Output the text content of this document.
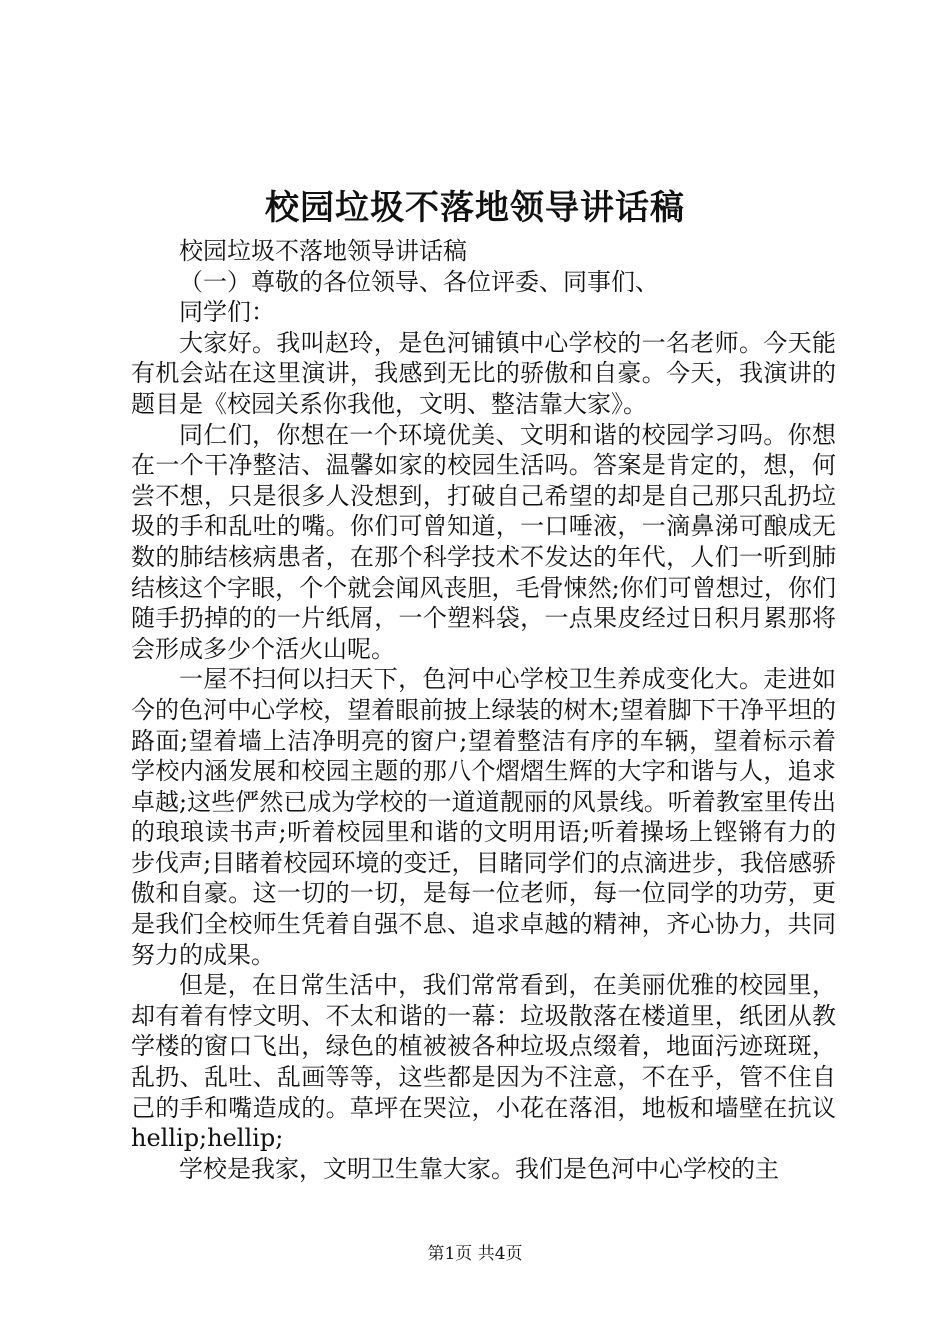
校园垃圾不落地领导讲话稿

校园垃圾不落地领导讲话稿

（一）尊敬的各位领导、各位评委、同事们、

同学们：

大家好。我叫赵玲，是色河铺镇中心学校的一名老师。今天能有机会站在这里演讲，我感到无比的骄傲和自豪。今天，我演讲的题目是《校园关系你我他，文明、整洁靠大家》。

同仁们，你想在一个环境优美、文明和谐的校园学习吗。你想在一个干净整洁、温馨如家的校园生活吗。答案是肯定的，想，何尝不想，只是很多人没想到，打破自己希望的却是自己那只乱扔垃圾的手和乱吐的嘴。你们可曾知道，一口唾液，一滴鼻涕可酿成无数的肺结核病患者，在那个科学技术不发达的年代，人们一听到肺结核这个字眼，个个就会闻风丧胆，毛骨悚然;你们可曾想过，你们随手扔掉的的一片纸屑，一个塑料袋，一点果皮经过日积月累那将会形成多少个活火山呢。

一屋不扫何以扫天下，色河中心学校卫生养成变化大。走进如今的色河中心学校，望着眼前披上绿装的树木;望着脚下干净平坦的路面;望着墙上洁净明亮的窗户;望着整洁有序的车辆，望着标示着学校内涵发展和校园主题的那八个熠熠生辉的大字和谐与人，追求卓越;这些俨然已成为学校的一道道靓丽的风景线。听着教室里传出的琅琅读书声;听着校园里和谐的文明用语;听着操场上铿锵有力的步伐声;目睹着校园环境的变迁，目睹同学们的点滴进步，我倍感骄傲和自豪。这一切的一切，是每一位老师，每一位同学的功劳，更是我们全校师生凭着自强不息、追求卓越的精神，齐心协力，共同努力的成果。

但是，在日常生活中，我们常常看到，在美丽优雅的校园里，却有着有悖文明、不太和谐的一幕：垃圾散落在楼道里，纸团从教学楼的窗口飞出，绿色的植被被各种垃圾点缀着，地面污迹斑斑，乱扔、乱吐、乱画等等，这些都是因为不注意，不在乎，管不住自己的手和嘴造成的。草坪在哭泣，小花在落泪，地板和墙壁在抗议hellip;hellip;

学校是我家，文明卫生靠大家。我们是色河中心学校的主

第1页 共4页
